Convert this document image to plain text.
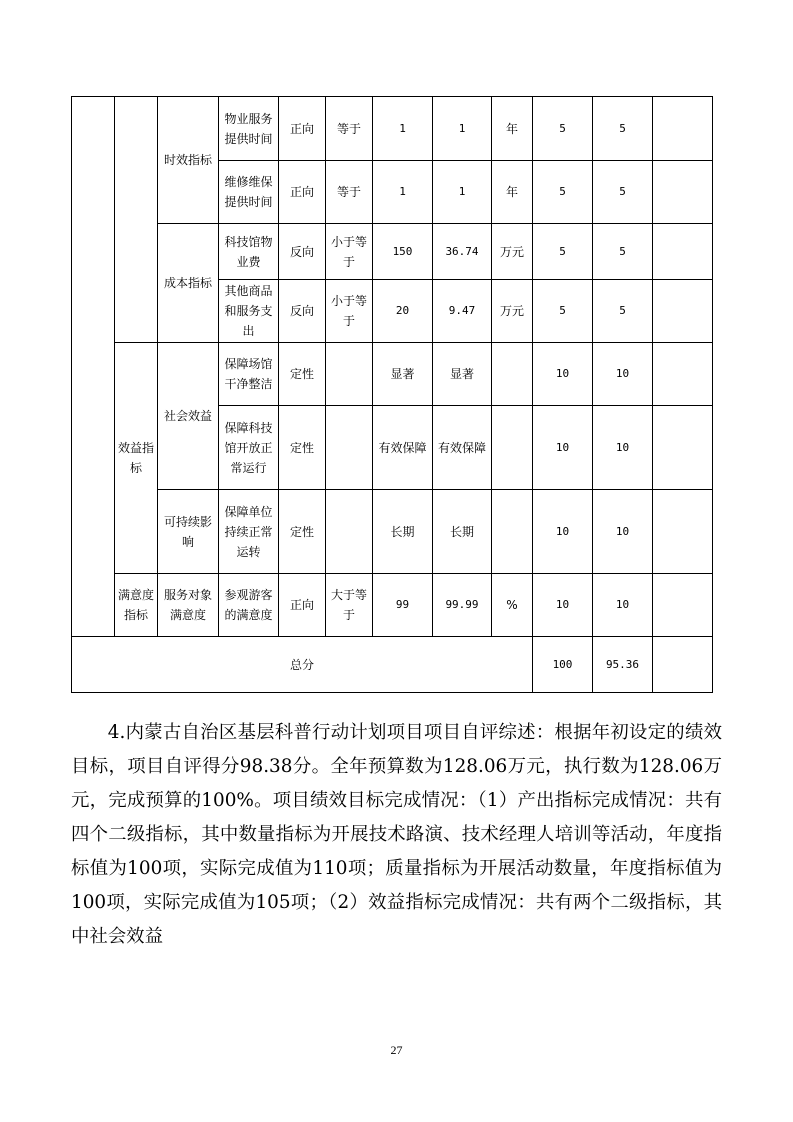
		时效指标	物业服务提供时间	正向	等于	1	1	年	5	5	
			维修维保提供时间	正向	等于	1	1	年	5	5	
		成本指标	科技馆物业费	反向	小于等于	150	36.74	万元	5	5	
			其他商品和服务支出	反向	小于等于	20	9.47	万元	5	5	
	效益指标	社会效益	保障场馆干净整洁	定性		显著	显著		10	10	
			保障科技馆开放正常运行	定性		有效保障	有效保障		10	10	
		可持续影响	保障单位持续正常运转	定性		长期	长期		10	10	
	满意度指标	服务对象满意度	参观游客的满意度	正向	大于等于	99	99.99	%	10	10	
总分									100	95.36	

4.内蒙古自治区基层科普行动计划项目项目自评综述：根据年初设定的绩效目标，项目自评得分98.38分。全年预算数为128.06万元，执行数为128.06万元，完成预算的100%。项目绩效目标完成情况：（1）产出指标完成情况：共有四个二级指标，其中数量指标为开展技术路演、技术经理人培训等活动，年度指标值为100项，实际完成值为110项；质量指标为开展活动数量，年度指标值为100项，实际完成值为105项；（2）效益指标完成情况：共有两个二级指标，其中社会效益

27
